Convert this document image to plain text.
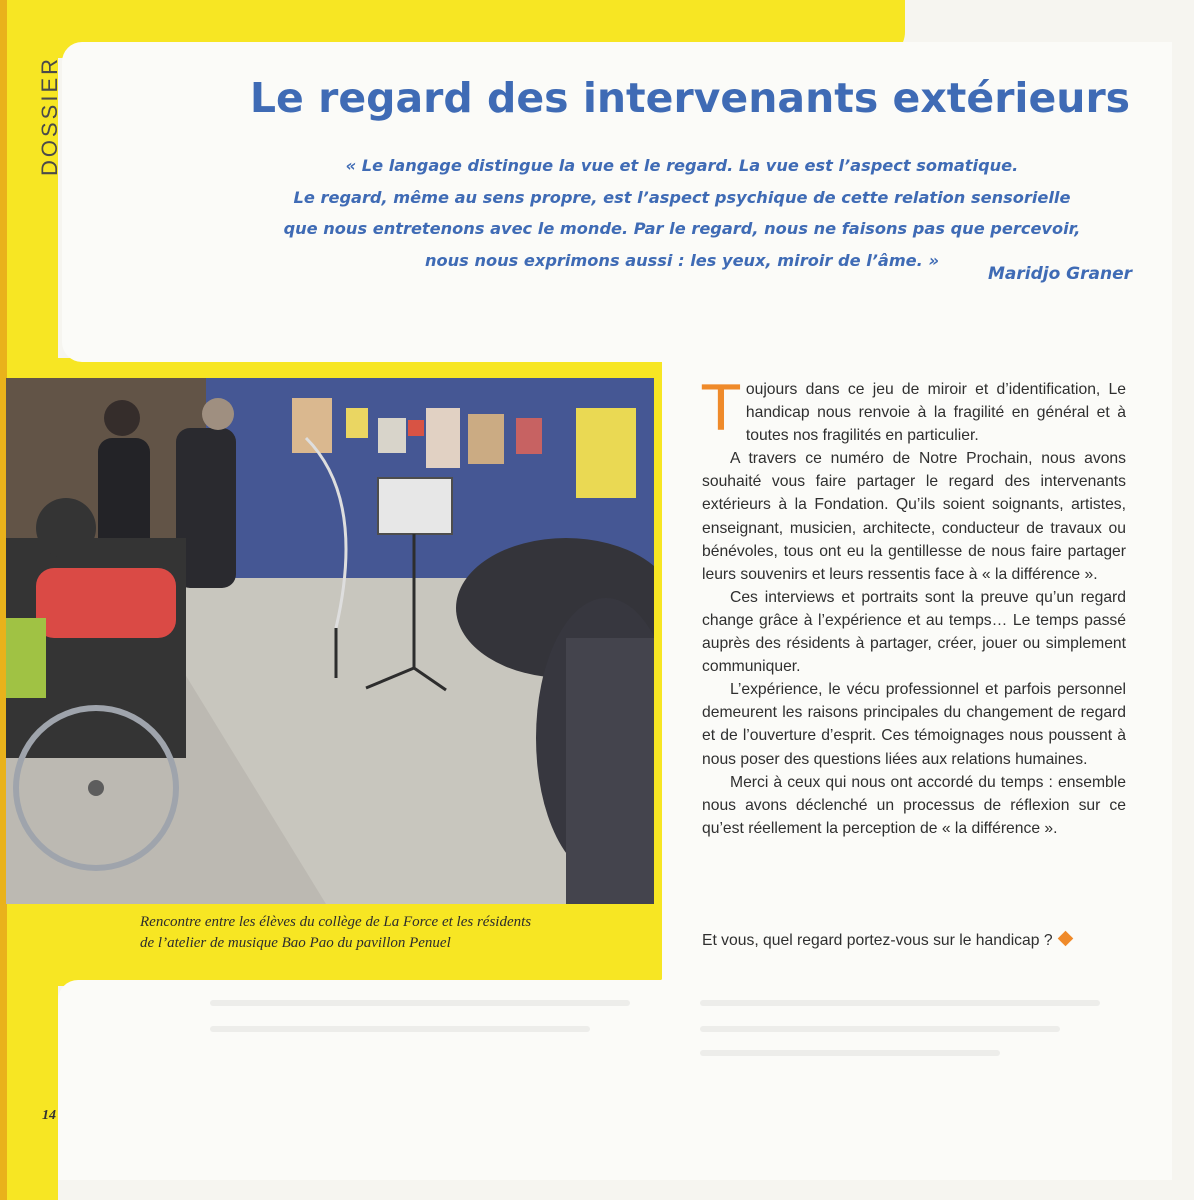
DOSSIER	Le regard des intervenants extérieurs
« Le langage distingue la vue et le regard. La vue est l’aspect somatique.
Le regard, même au sens propre, est l’aspect psychique de cette relation sensorielle
que nous entretenons avec le monde. Par le regard, nous ne faisons pas que percevoir,
nous nous exprimons aussi : les yeux, miroir de l’âme. »
Maridjo Graner
Rencontre entre les élèves du collège de La Force et les résidents
de l’atelier de musique Bao Pao du pavillon Penuel

Toujours dans ce jeu de miroir et d’identification, Le handicap nous renvoie à la fragilité en général et à toutes nos fragilités en particulier.

A travers ce numéro de Notre Prochain, nous avons souhaité vous faire partager le regard des intervenants extérieurs à la Fondation. Qu’ils soient soignants, artistes, enseignant, musicien, architecte, conducteur de travaux ou bénévoles, tous ont eu la gentillesse de nous faire partager leurs souvenirs et leurs ressentis face à « la différence ».

Ces interviews et portraits sont la preuve qu’un regard change grâce à l’expérience et au temps… Le temps passé auprès des résidents à partager, créer, jouer ou simplement communiquer.

L’expérience, le vécu professionnel et parfois personnel demeurent les raisons principales du changement de regard et de l’ouverture d’esprit. Ces témoignages nous poussent à nous poser des questions liées aux relations humaines.

Merci à ceux qui nous ont accordé du temps : ensemble nous avons déclenché un processus de réflexion sur ce qu’est réellement la perception de « la différence ».

Et vous, quel regard portez-vous sur le handicap ?
14
